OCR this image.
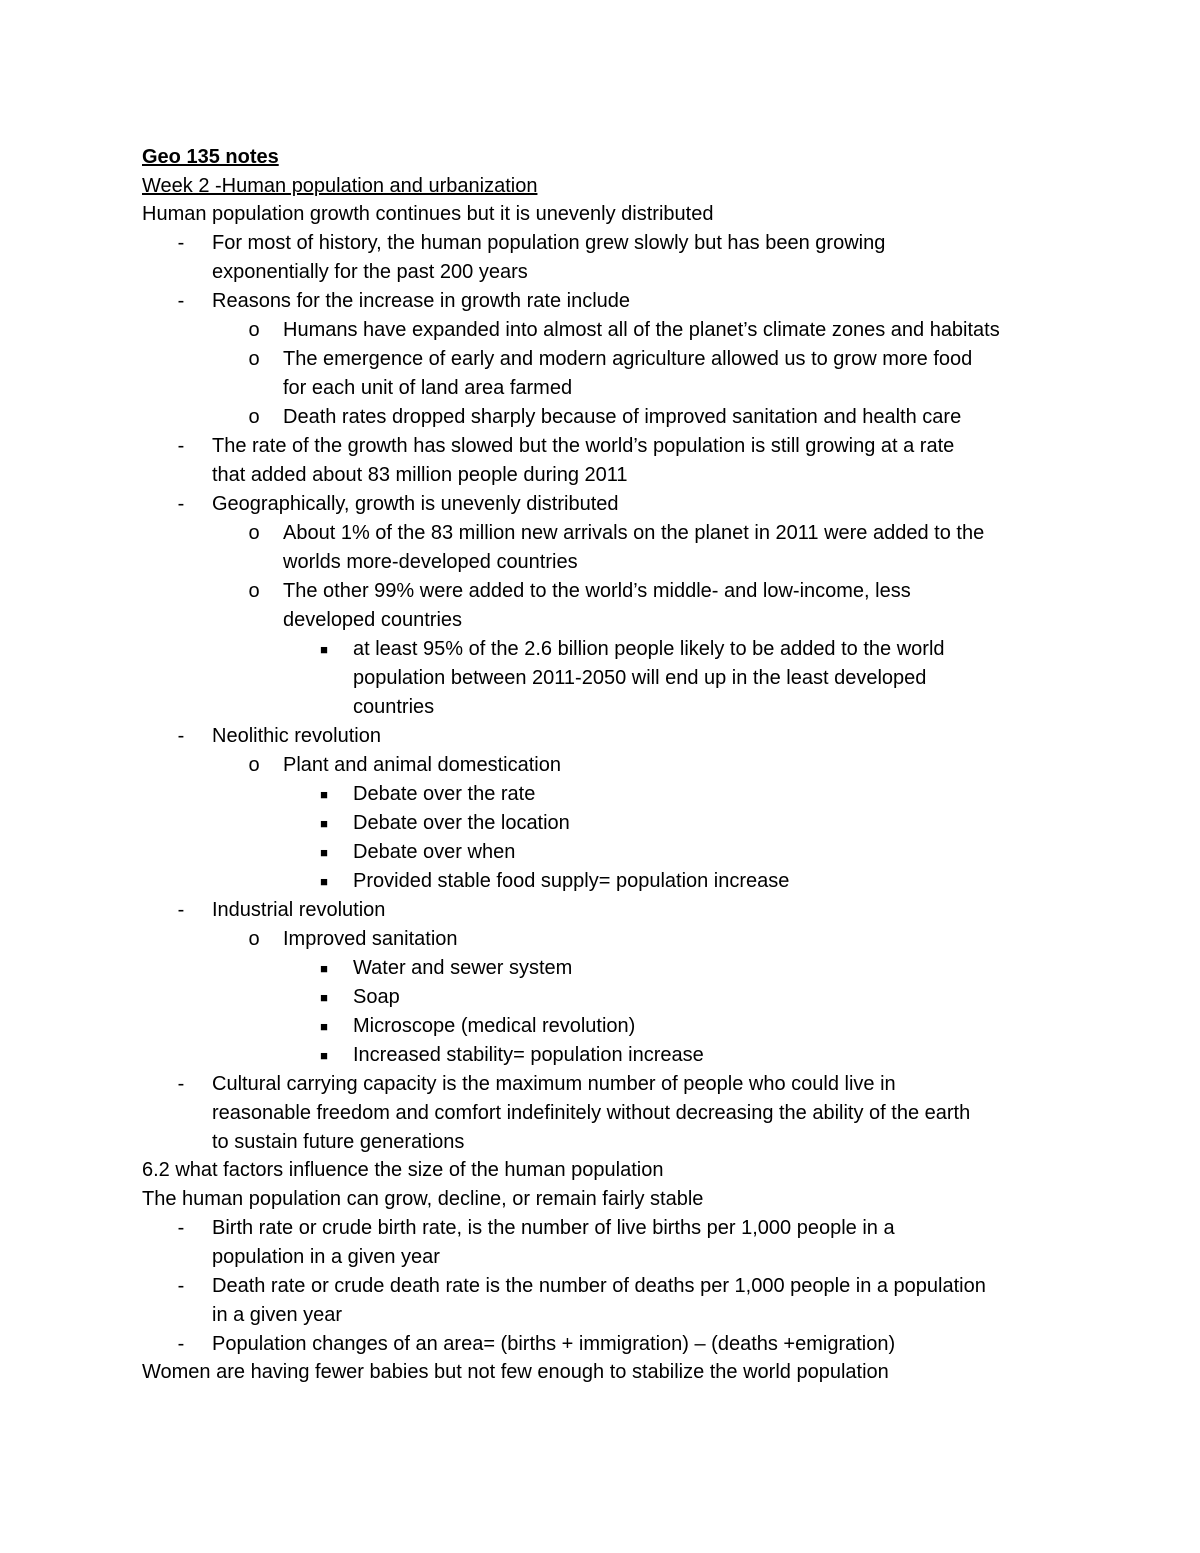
Geo 135 notes
Week 2 -Human population and urbanization
Human population growth continues but it is unevenly distributed
-	For most of history, the human population grew slowly but has been growing
exponentially for the past 200 years
-	Reasons for the increase in growth rate include
o Humans have expanded into almost all of the planet’s climate zones and habitats
o The emergence of early and modern agriculture allowed us to grow more food
for each unit of land area farmed
o Death rates dropped sharply because of improved sanitation and health care
-	The rate of the growth has slowed but the world’s population is still growing at a rate
that added about 83 million people during 2011
-	Geographically, growth is unevenly distributed
o About 1% of the 83 million new arrivals on the planet in 2011 were added to the
worlds more-developed countries
o The other 99% were added to the world’s middle- and low-income, less
developed countries
■	at least 95% of the 2.6 billion people likely to be added to the world
population between 2011-2050 will end up in the least developed
countries
-	Neolithic revolution
o Plant and animal domestication
■	Debate over the rate
■	Debate over the location
■	Debate over when
■	Provided stable food supply= population increase
-	Industrial revolution
o Improved sanitation
■	Water and sewer system
■	Soap
■	Microscope (medical revolution)
■	Increased stability= population increase
-	Cultural carrying capacity is the maximum number of people who could live in
reasonable freedom and comfort indefinitely without decreasing the ability of the earth
to sustain future generations
6.2 what factors influence the size of the human population
The human population can grow, decline, or remain fairly stable
-	Birth rate or crude birth rate, is the number of live births per 1,000 people in a
population in a given year
-	Death rate or crude death rate is the number of deaths per 1,000 people in a population
in a given year
-	Population changes of an area= (births + immigration) – (deaths +emigration)
Women are having fewer babies but not few enough to stabilize the world population
